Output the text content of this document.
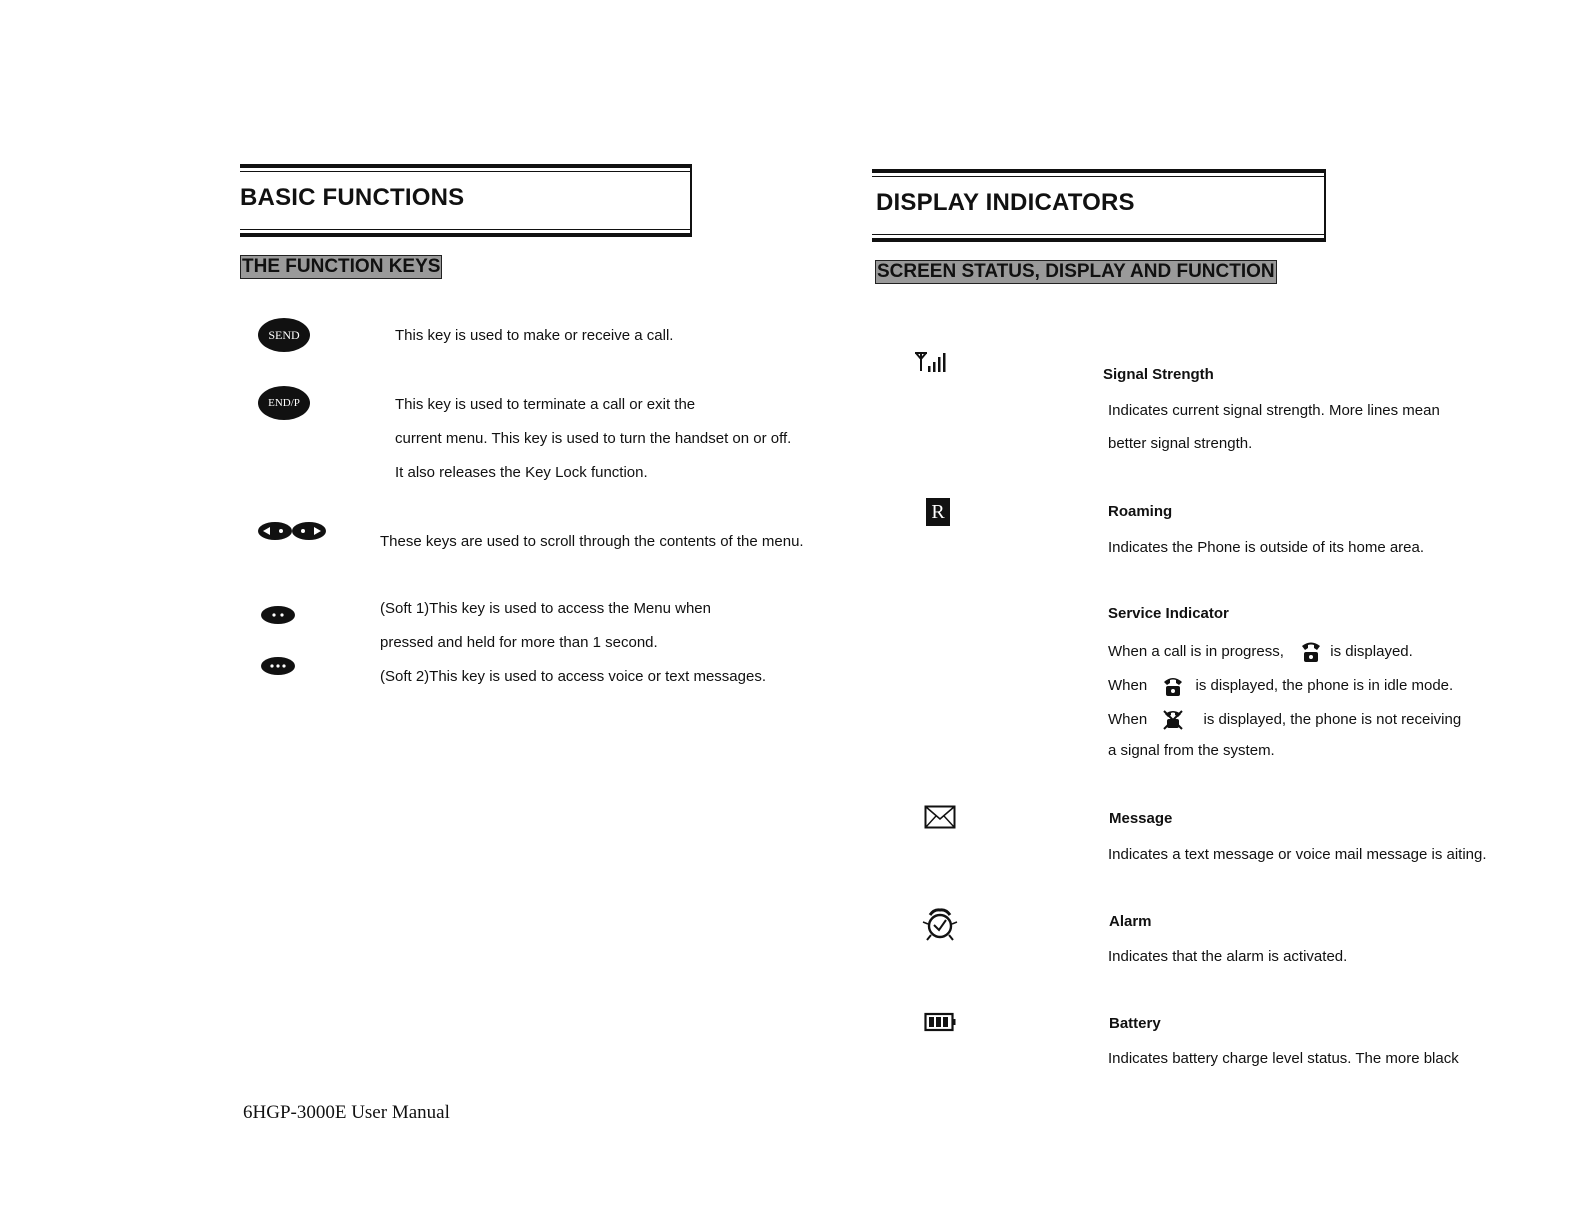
BASIC FUNCTIONS
THE FUNCTION KEYS
SEND	This key is used to make or receive a call.
END/P	This key is used to terminate a call or exit the
current menu. This key is used to turn the handset on or off.
It also releases the Key Lock function.
These keys are used to scroll through the contents of the menu.
(Soft 1)This key is used to access the Menu when
pressed and held for more than 1 second.
(Soft 2)This key is used to access voice or text messages.
6HGP-3000E User Manual
DISPLAY INDICATORS
SCREEN STATUS, DISPLAY AND FUNCTION
Signal Strength
Indicates current signal strength. More lines mean
better signal strength.
R	Roaming
Indicates the Phone is outside of its home area.
Service Indicator
When a call is in progress,	is displayed.
When	is displayed, the phone is in idle mode.
When	is displayed, the phone is not receiving
a signal from the system.
Message
Indicates a text message or voice mail message is aiting.
Alarm
Indicates that the alarm is activated.
Battery
Indicates battery charge level status. The more black
